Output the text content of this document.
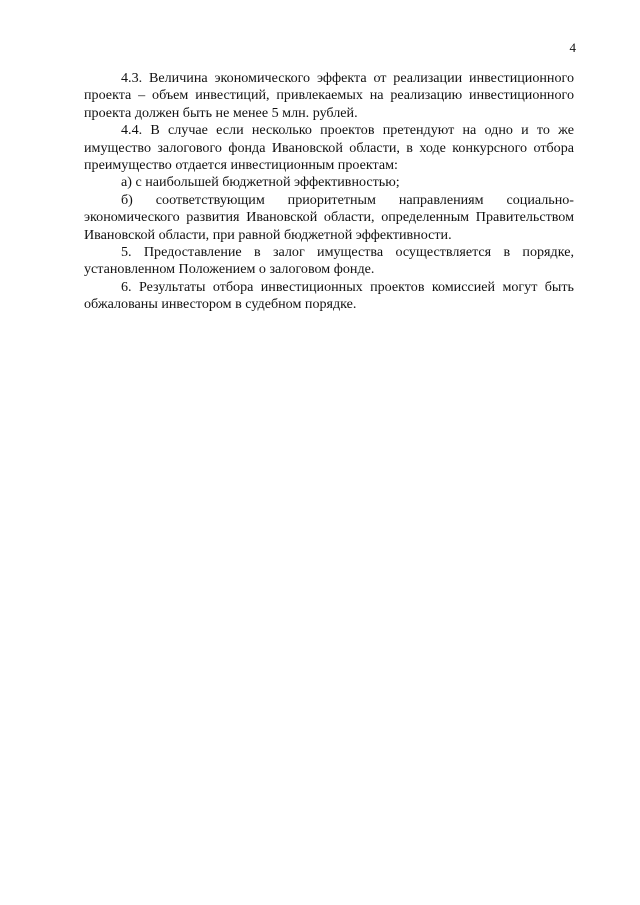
4

4.3. Величина экономического эффекта от реализации инвестиционного проекта – объем инвестиций, привлекаемых на реализацию инвестиционного проекта должен быть не менее 5 млн. рублей.

4.4. В случае если несколько проектов претендуют на одно и то же имущество залогового фонда Ивановской области, в ходе конкурсного отбора преимущество отдается инвестиционным проектам:

а) с наибольшей бюджетной эффективностью;

б) соответствующим приоритетным направлениям социально-экономического развития Ивановской области, определенным Правительством Ивановской области, при равной бюджетной эффективности.

5. Предоставление в залог имущества осуществляется в порядке, установленном Положением о залоговом фонде.

6. Результаты отбора инвестиционных проектов комиссией могут быть обжалованы инвестором в судебном порядке.
